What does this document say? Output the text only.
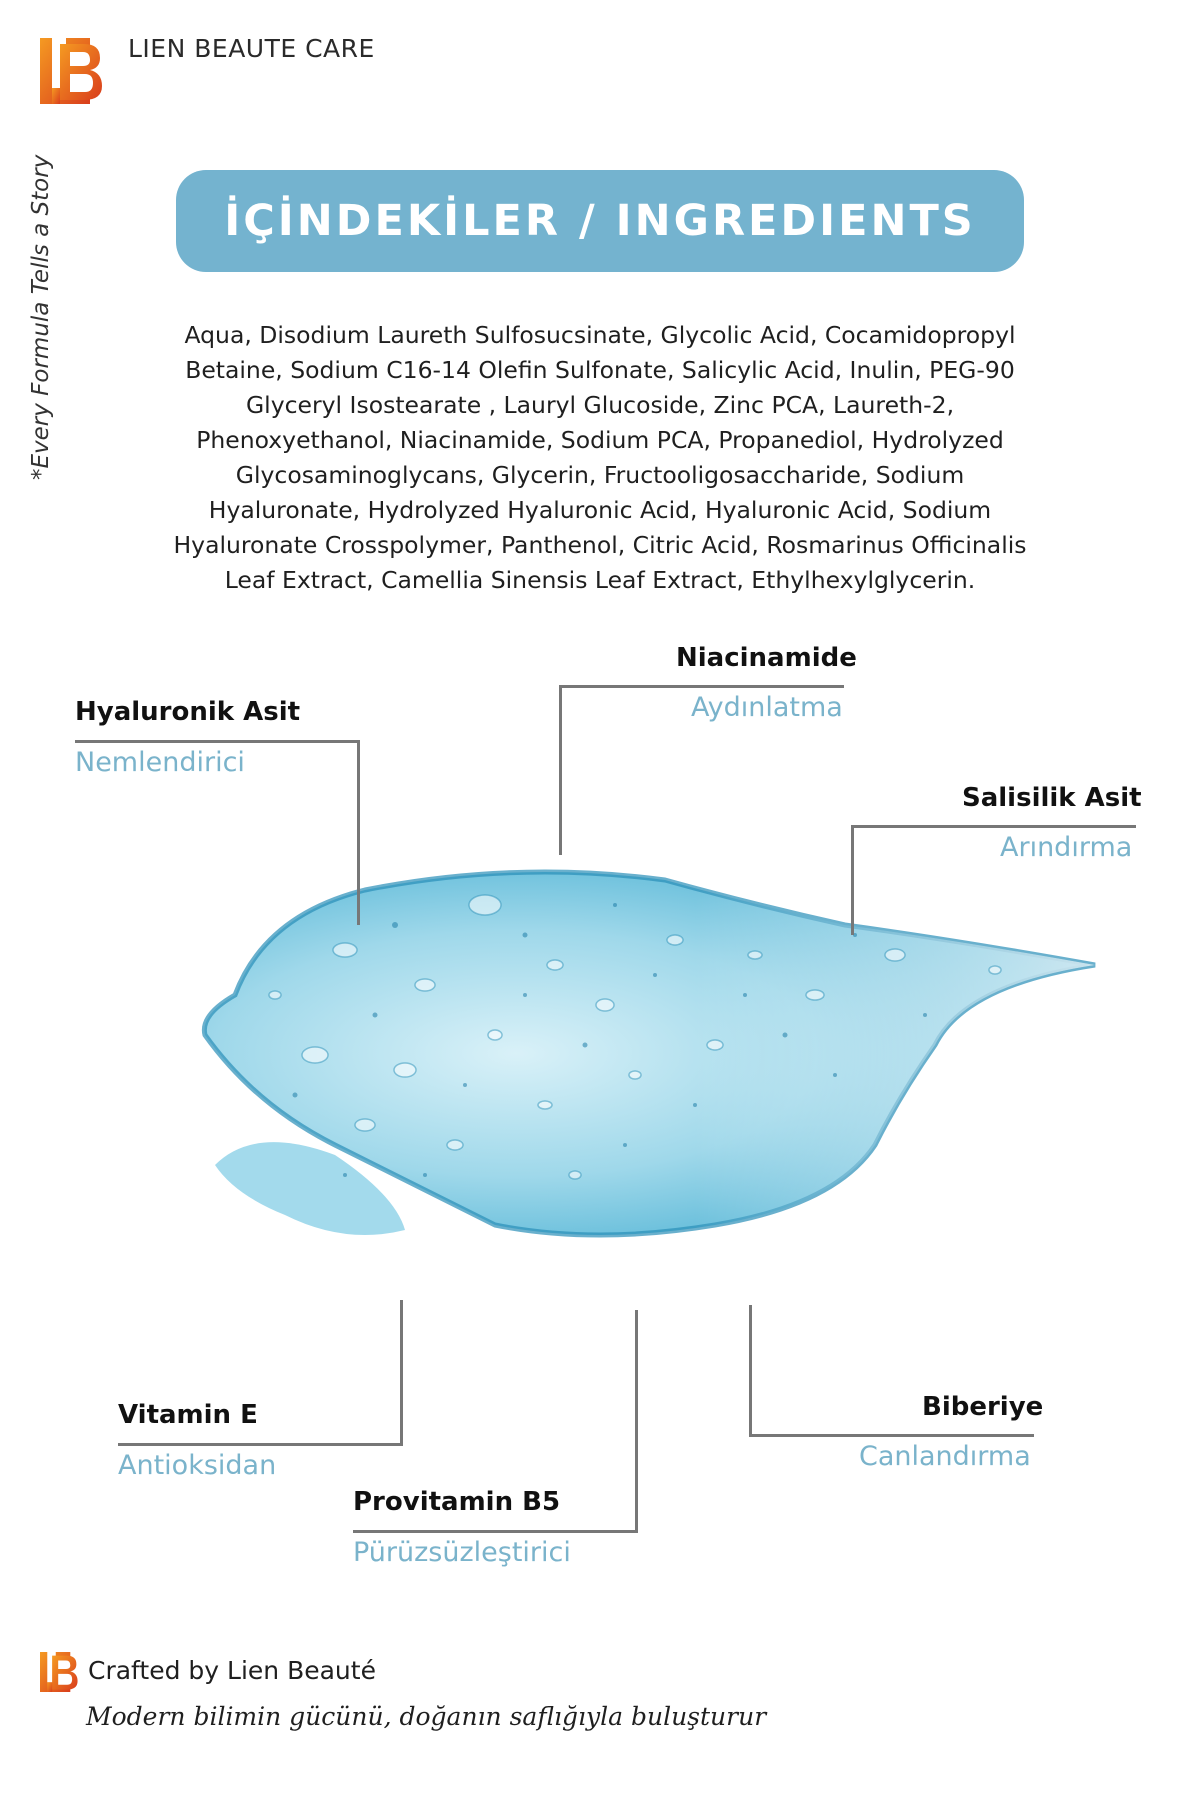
LIEN BEAUTE CARE
*Every Formula Tells a Story	İÇİNDEKİLER / INGREDIENTS
Aqua, Disodium Laureth Sulfosucsinate, Glycolic Acid, Cocamidopropyl Betaine, Sodium C16-14 Olefin Sulfonate, Salicylic Acid, Inulin, PEG-90 Glyceryl Isostearate , Lauryl Glucoside, Zinc PCA, Laureth-2, Phenoxyethanol, Niacinamide, Sodium PCA, Propanediol, Hydrolyzed Glycosaminoglycans, Glycerin, Fructooligosaccharide, Sodium Hyaluronate, Hydrolyzed Hyaluronic Acid, Hyaluronic Acid, Sodium Hyaluronate Crosspolymer, Panthenol, Citric Acid, Rosmarinus Officinalis Leaf Extract, Camellia Sinensis Leaf Extract, Ethylhexylglycerin.
Hyaluronik Asit
Nemlendirici
Niacinamide
Aydınlatma
Salisilik Asit
Arındırma
Vitamin E
Antioksidan
Provitamin B5
Pürüzsüzleştirici
Biberiye
Canlandırma
Crafted by Lien Beauté
Modern bilimin gücünü, doğanın saflığıyla buluşturur
